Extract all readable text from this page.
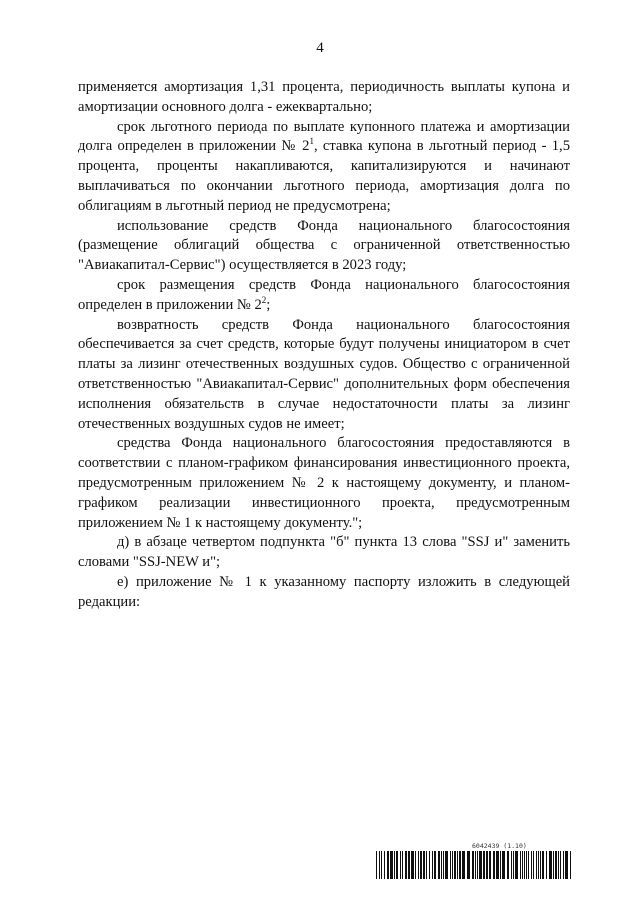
4

применяется амортизация 1,31 процента, периодичность выплаты купона и амортизации основного долга - ежеквартально;

срок льготного периода по выплате купонного платежа и амортизации долга определен в приложении № $2^1$, ставка купона в льготный период - 1,5 процента, проценты накапливаются, капитализируются и начинают выплачиваться по окончании льготного периода, амортизация долга по облигациям в льготный период не предусмотрена;

использование средств Фонда национального благосостояния (размещение облигаций общества с ограниченной ответственностью "Авиакапитал-Сервис") осуществляется в 2023 году;

срок размещения средств Фонда национального благосостояния определен в приложении № $2^2$;

возвратность средств Фонда национального благосостояния обеспечивается за счет средств, которые будут получены инициатором в счет платы за лизинг отечественных воздушных судов. Общество с ограниченной ответственностью "Авиакапитал-Сервис" дополнительных форм обеспечения исполнения обязательств в случае недостаточности платы за лизинг отечественных воздушных судов не имеет;

средства Фонда национального благосостояния предоставляются в соответствии с планом-графиком финансирования инвестиционного проекта, предусмотренным приложением № 2 к настоящему документу, и планом-графиком реализации инвестиционного проекта, предусмотренным приложением № 1 к настоящему документу.";

д) в абзаце четвертом подпункта "б" пункта 13 слова "SSJ и" заменить словами "SSJ-NEW и";

е) приложение № 1 к указанному паспорту изложить в следующей редакции:

6042439 (1.10)
